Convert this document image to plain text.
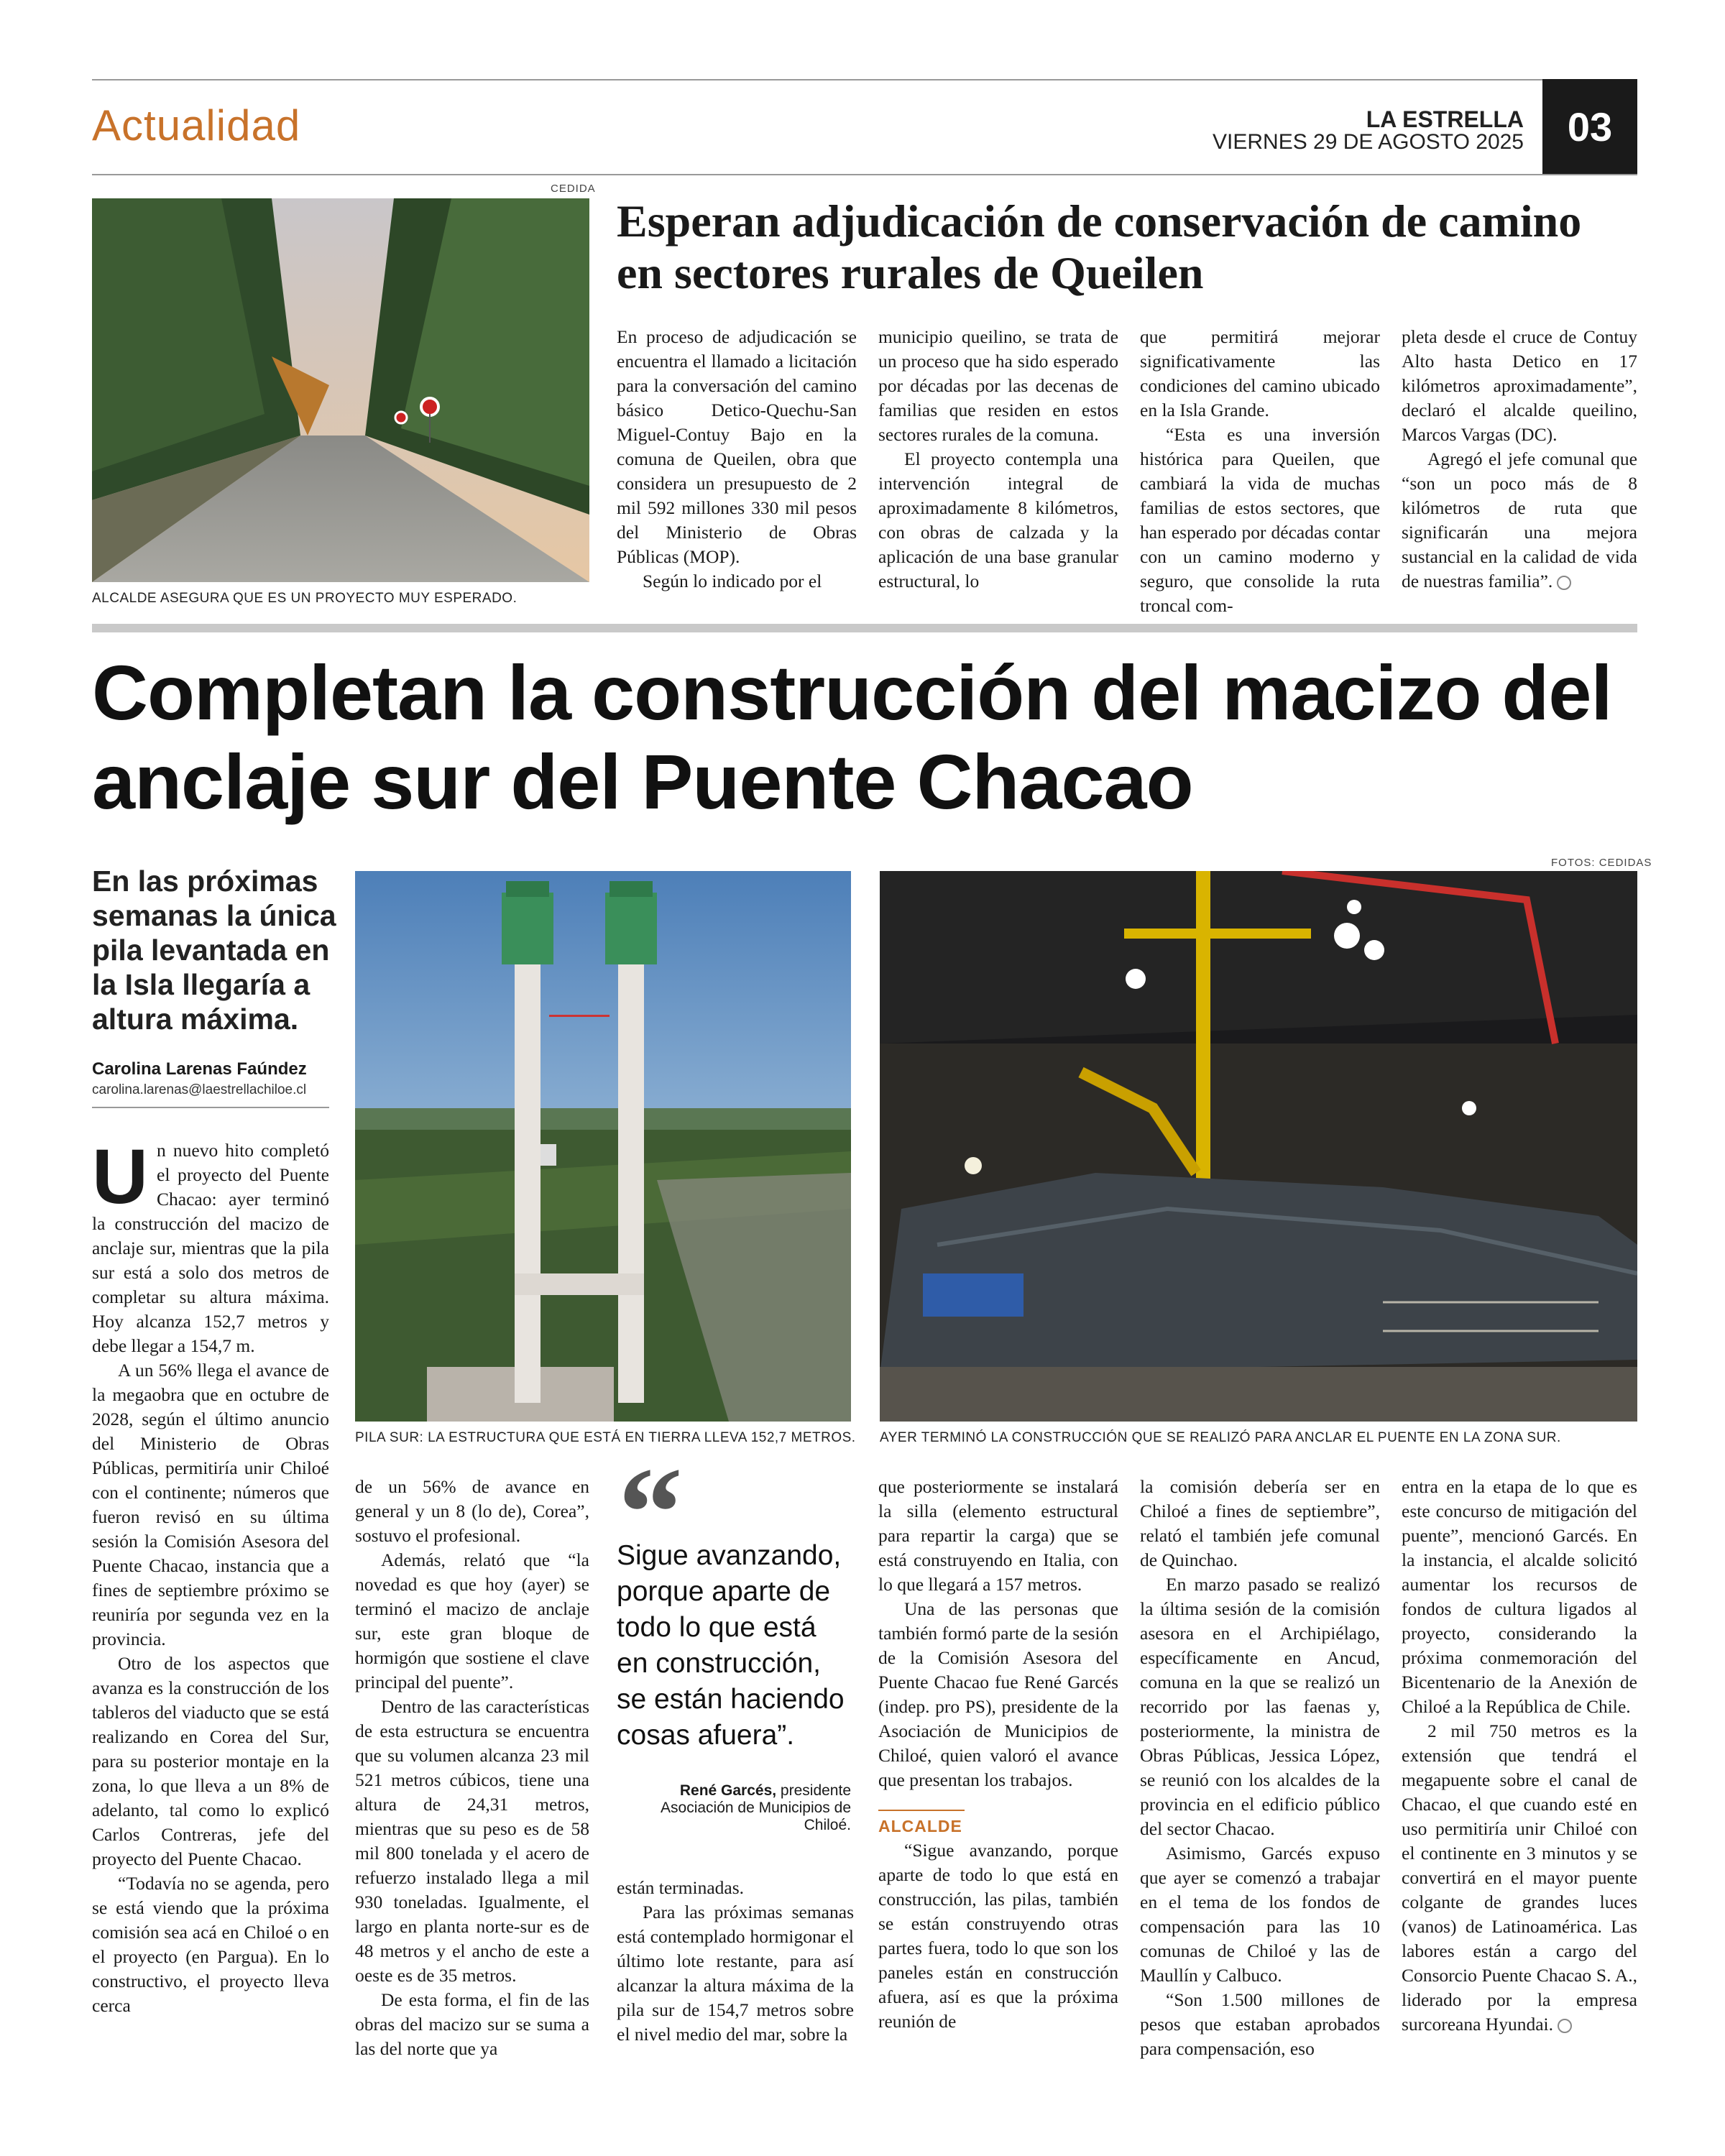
Actualidad	LA ESTRELLA
VIERNES 29 DE AGOSTO 2025	03
CEDIDA
ALCALDE ASEGURA QUE ES UN PROYECTO MUY ESPERADO.
Esperan adjudicación de conservación de camino en sectores rurales de Queilen

En proceso de adjudicación se encuentra el llamado a licitación para la conversación del camino básico Detico-Quechu-San Miguel-Contuy Bajo en la comuna de Queilen, obra que considera un presupuesto de 2 mil 592 millones 330 mil pesos del Ministerio de Obras Públicas (MOP).

Según lo indicado por el

municipio queilino, se trata de un proceso que ha sido esperado por décadas por las decenas de familias que residen en estos sectores rurales de la comuna.

El proyecto contempla una intervención integral de aproximadamente 8 kilómetros, con obras de calzada y la aplicación de una base granular estructural, lo

que permitirá mejorar significativamente las condiciones del camino ubicado en la Isla Grande.

“Esta es una inversión histórica para Queilen, que cambiará la vida de muchas familias de estos sectores, que han esperado por décadas contar con un camino moderno y seguro, que consolide la ruta troncal com-

pleta desde el cruce de Contuy Alto hasta Detico en 17 kilómetros aproximadamente”, declaró el alcalde queilino, Marcos Vargas (DC).

Agregó el jefe comunal que “son un poco más de 8 kilómetros de ruta que significarán una mejora sustancial en la calidad de vida de nuestras familia”.

Completan la construcción del macizo del anclaje sur del Puente Chacao
En las próximas semanas la única pila levantada en la Isla llegaría a altura máxima.
Carolina Larenas Faúndez
carolina.larenas@laestrellachiloe.cl
FOTOS: CEDIDAS
PILA SUR: LA ESTRUCTURA QUE ESTÁ EN TIERRA LLEVA 152,7 METROS. AYER TERMINÓ LA CONSTRUCCIÓN QUE SE REALIZÓ PARA ANCLAR EL PUENTE EN LA ZONA SUR.

Un nuevo hito completó el proyecto del Puente Chacao: ayer terminó la construcción del macizo de anclaje sur, mientras que la pila sur está a solo dos metros de completar su altura máxima. Hoy alcanza 152,7 metros y debe llegar a 154,7 m.

A un 56% llega el avance de la megaobra que en octubre de 2028, según el último anuncio del Ministerio de Obras Públicas, permitiría unir Chiloé con el continente; números que fueron revisó en su última sesión la Comisión Asesora del Puente Chacao, instancia que a fines de septiembre próximo se reuniría por segunda vez en la provincia.

Otro de los aspectos que avanza es la construcción de los tableros del viaducto que se está realizando en Corea del Sur, para su posterior montaje en la zona, lo que lleva a un 8% de adelanto, tal como lo explicó Carlos Contreras, jefe del proyecto del Puente Chacao.

“Todavía no se agenda, pero se está viendo que la próxima comisión sea acá en Chiloé o en el proyecto (en Pargua). En lo constructivo, el proyecto lleva cerca

de un 56% de avance en general y un 8 (lo de), Corea”, sostuvo el profesional.

Además, relató que “la novedad es que hoy (ayer) se terminó el macizo de anclaje sur, este gran bloque de hormigón que sostiene el clave principal del puente”.

Dentro de las características de esta estructura se encuentra que su volumen alcanza 23 mil 521 metros cúbicos, tiene una altura de 24,31 metros, mientras que su peso es de 58 mil 800 tonelada y el acero de refuerzo instalado llega a mil 930 toneladas. Igualmente, el largo en planta norte-sur es de 48 metros y el ancho de este a oeste es de 35 metros.

De esta forma, el fin de las obras del macizo sur se suma a las del norte que ya

“
Sigue avanzando, porque aparte de todo lo que está en construcción, se están haciendo cosas afuera”.
René Garcés, presidente Asociación de Municipios de Chiloé.

están terminadas.

Para las próximas semanas está contemplado hormigonar el último lote restante, para así alcanzar la altura máxima de la pila sur de 154,7 metros sobre el nivel medio del mar, sobre la

que posteriormente se instalará la silla (elemento estructural para repartir la carga) que se está construyendo en Italia, con lo que llegará a 157 metros.

Una de las personas que también formó parte de la sesión de la Comisión Asesora del Puente Chacao fue René Garcés (indep. pro PS), presidente de la Asociación de Municipios de Chiloé, quien valoró el avance que presentan los trabajos.

ALCALDE

“Sigue avanzando, porque aparte de todo lo que está en construcción, las pilas, también se están construyendo otras partes fuera, todo lo que son los paneles están en construcción afuera, así es que la próxima reunión de

la comisión debería ser en Chiloé a fines de septiembre”, relató el también jefe comunal de Quinchao.

En marzo pasado se realizó la última sesión de la comisión asesora en el Archipiélago, específicamente en Ancud, comuna en la que se realizó un recorrido por las faenas y, posteriormente, la ministra de Obras Públicas, Jessica López, se reunió con los alcaldes de la provincia en el edificio público del sector Chacao.

Asimismo, Garcés expuso que ayer se comenzó a trabajar en el tema de los fondos de compensación para las 10 comunas de Chiloé y las de Maullín y Calbuco.

“Son 1.500 millones de pesos que estaban aprobados para compensación, eso

entra en la etapa de lo que es este concurso de mitigación del puente”, mencionó Garcés. En la instancia, el alcalde solicitó aumentar los recursos de fondos de cultura ligados al proyecto, considerando la próxima conmemoración del Bicentenario de la Anexión de Chiloé a la República de Chile.

2 mil 750 metros es la extensión que tendrá el megapuente sobre el canal de Chacao, el que cuando esté en uso permitiría unir Chiloé con el continente en 3 minutos y se convertirá en el mayor puente colgante de grandes luces (vanos) de Latinoamérica. Las labores están a cargo del Consorcio Puente Chacao S. A., liderado por la empresa surcoreana Hyundai.
